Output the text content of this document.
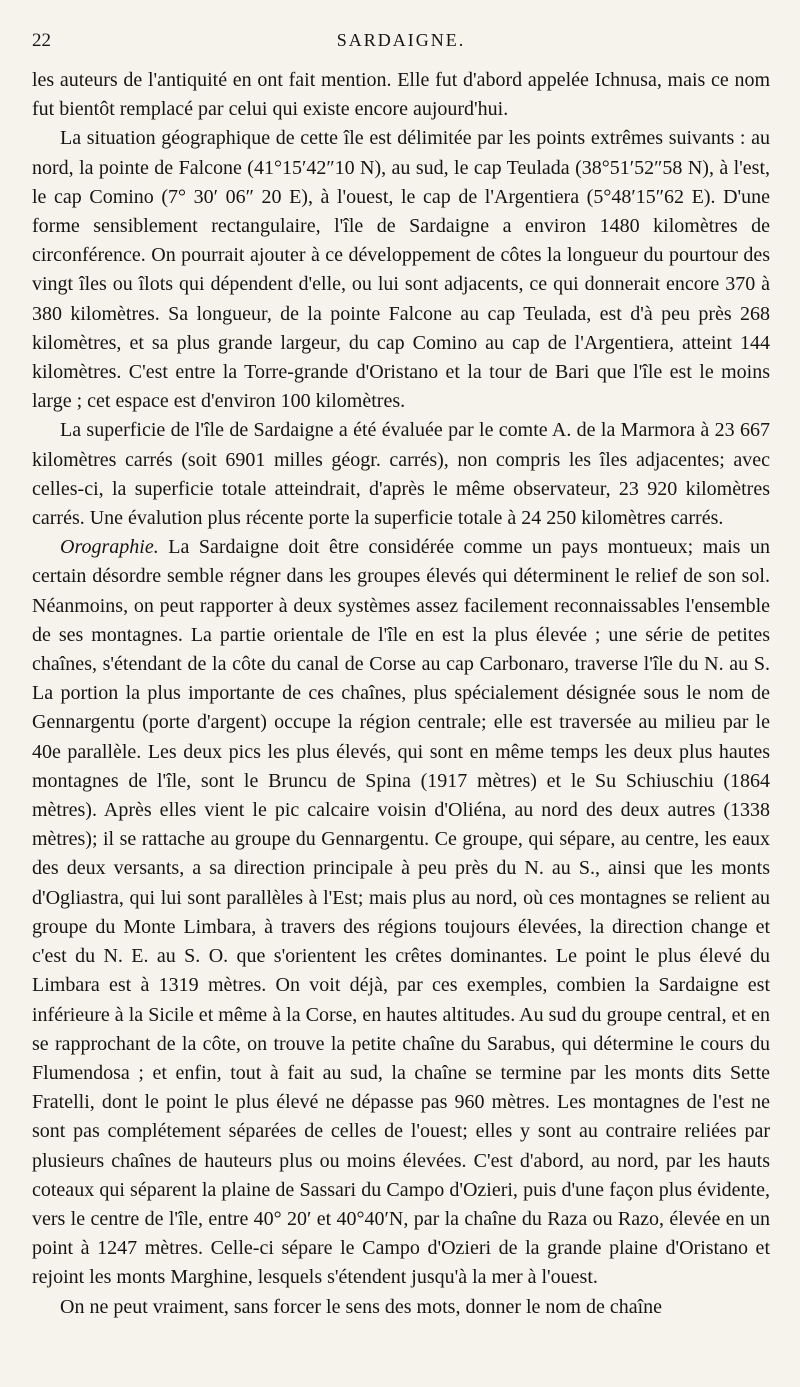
22	SARDAIGNE.

les auteurs de l'antiquité en ont fait mention. Elle fut d'abord appelée Ichnusa, mais ce nom fut bientôt remplacé par celui qui existe encore aujourd'hui.

La situation géographique de cette île est délimitée par les points extrêmes suivants : au nord, la pointe de Falcone (41°15′42″10 N), au sud, le cap Teulada (38°51′52″58 N), à l'est, le cap Comino (7° 30′ 06″ 20 E), à l'ouest, le cap de l'Argentiera (5°48′15″62 E). D'une forme sensiblement rectangulaire, l'île de Sardaigne a environ 1480 kilomètres de circonférence. On pourrait ajouter à ce développement de côtes la longueur du pourtour des vingt îles ou îlots qui dépendent d'elle, ou lui sont adjacents, ce qui donnerait encore 370 à 380 kilomètres. Sa longueur, de la pointe Falcone au cap Teulada, est d'à peu près 268 kilomètres, et sa plus grande largeur, du cap Comino au cap de l'Argentiera, atteint 144 kilomètres. C'est entre la Torre-grande d'Oristano et la tour de Bari que l'île est le moins large ; cet espace est d'environ 100 kilomètres.

La superficie de l'île de Sardaigne a été évaluée par le comte A. de la Marmora à 23 667 kilomètres carrés (soit 6901 milles géogr. carrés), non compris les îles adjacentes; avec celles-ci, la superficie totale atteindrait, d'après le même observateur, 23 920 kilomètres carrés. Une évalution plus récente porte la superficie totale à 24 250 kilomètres carrés.

Orographie. La Sardaigne doit être considérée comme un pays montueux; mais un certain désordre semble régner dans les groupes élevés qui déterminent le relief de son sol. Néanmoins, on peut rapporter à deux systèmes assez facilement reconnaissables l'ensemble de ses montagnes. La partie orientale de l'île en est la plus élevée ; une série de petites chaînes, s'étendant de la côte du canal de Corse au cap Carbonaro, traverse l'île du N. au S. La portion la plus importante de ces chaînes, plus spécialement désignée sous le nom de Gennargentu (porte d'argent) occupe la région centrale; elle est traversée au milieu par le 40e parallèle. Les deux pics les plus élevés, qui sont en même temps les deux plus hautes montagnes de l'île, sont le Bruncu de Spina (1917 mètres) et le Su Schiuschiu (1864 mètres). Après elles vient le pic calcaire voisin d'Oliéna, au nord des deux autres (1338 mètres); il se rattache au groupe du Gennargentu. Ce groupe, qui sépare, au centre, les eaux des deux versants, a sa direction principale à peu près du N. au S., ainsi que les monts d'Ogliastra, qui lui sont parallèles à l'Est; mais plus au nord, où ces montagnes se relient au groupe du Monte Limbara, à travers des régions toujours élevées, la direction change et c'est du N. E. au S. O. que s'orientent les crêtes dominantes. Le point le plus élevé du Limbara est à 1319 mètres. On voit déjà, par ces exemples, combien la Sardaigne est inférieure à la Sicile et même à la Corse, en hautes altitudes. Au sud du groupe central, et en se rapprochant de la côte, on trouve la petite chaîne du Sarabus, qui détermine le cours du Flumendosa ; et enfin, tout à fait au sud, la chaîne se termine par les monts dits Sette Fratelli, dont le point le plus élevé ne dépasse pas 960 mètres. Les montagnes de l'est ne sont pas complétement séparées de celles de l'ouest; elles y sont au contraire reliées par plusieurs chaînes de hauteurs plus ou moins élevées. C'est d'abord, au nord, par les hauts coteaux qui séparent la plaine de Sassari du Campo d'Ozieri, puis d'une façon plus évidente, vers le centre de l'île, entre 40° 20′ et 40°40′N, par la chaîne du Raza ou Razo, élevée en un point à 1247 mètres. Celle-ci sépare le Campo d'Ozieri de la grande plaine d'Oristano et rejoint les monts Marghine, lesquels s'étendent jusqu'à la mer à l'ouest.

On ne peut vraiment, sans forcer le sens des mots, donner le nom de chaîne
